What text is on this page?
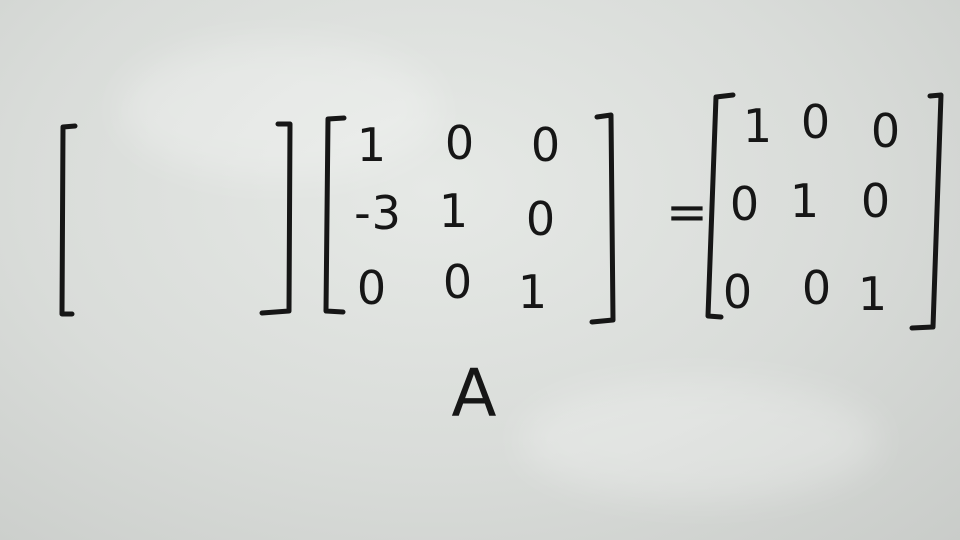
1 0 0
-3 1 0
0 0 1
=
1 0 0
0 1 0
0 0 1
A
